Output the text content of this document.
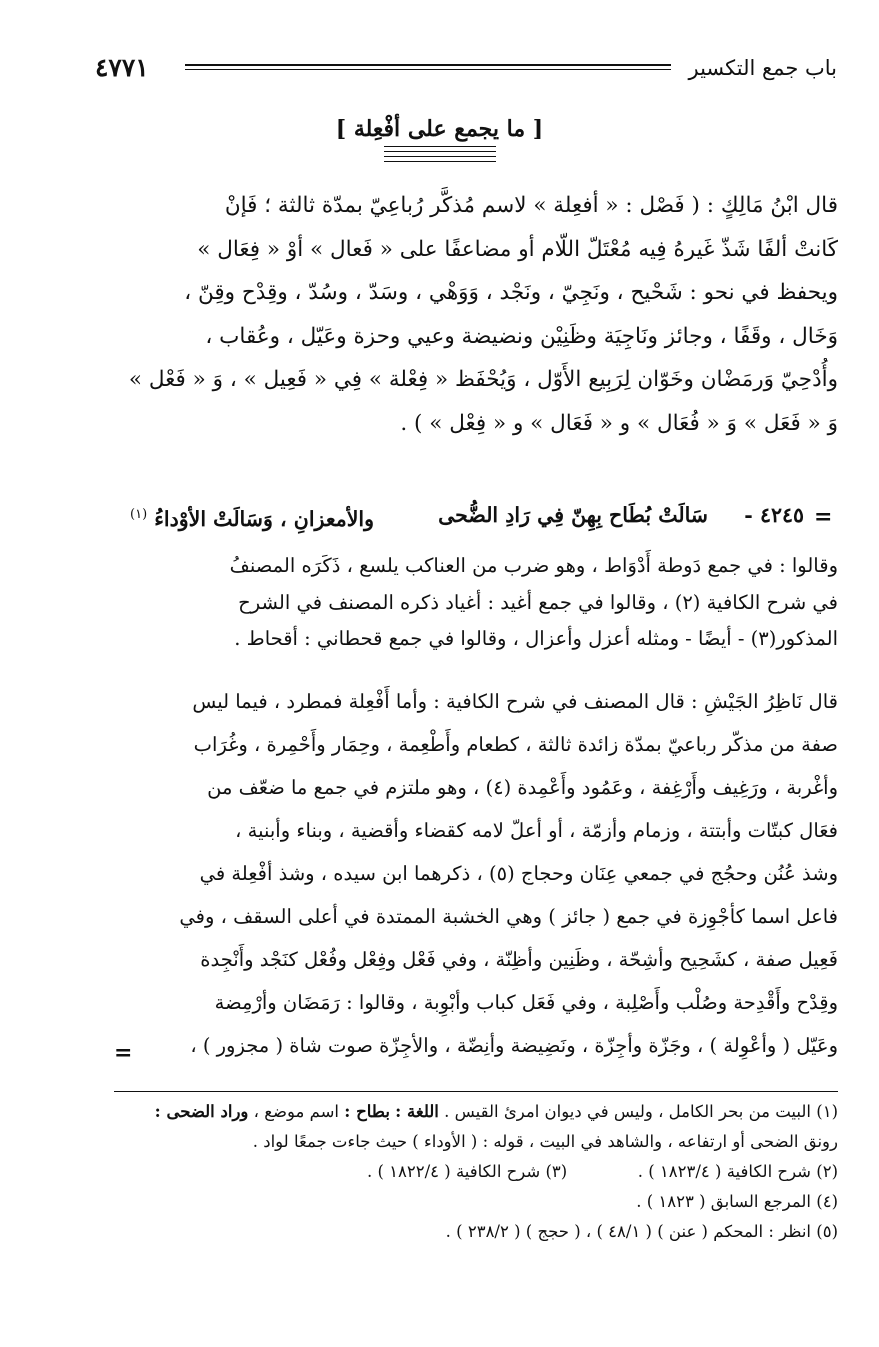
٤٧٧١	باب جمع التكسير
[ ما يجمع على أفْعِلة ]
قال ابْنُ مَالِكٍ : ( فَصْل : « أفعِلة » لاسم مُذكَّر رُباعِيّ بمدّة ثالثة ؛ فَإنْ
كَانتْ ألفًا شَذّ غَيرهُ فِيه مُعْتَلّ اللّام أو مضاعفًا على « فَعال » أوْ « فِعَال »
ويحفظ في نحو : شَحْيح ، ونَجِيّ ، ونَجْد ، وَوَهْي ، وسَدّ ، وسُدّ ، وقِدْح وقِنّ ،
وَخَال ، وقَفًا ، وجائز ونَاجِيَة وظَنِيْن ونضيضة وعيي وحزة وعَيّل ، وعُقاب ،
وأُدْحِيّ وَرمَضْان وخَوّان لِرَبِيع الأَوّل ، وَيُحْفَظ « فِعْلة » فِي « فَعِيل » ، وَ « فَعْل »
وَ « فَعَل » وَ « فُعَال » و « فَعَال » و « فِعْل » ) .
=
٤٢٤٥ -
سَالَتْ بُطَاح بِهِنّ فِي رَادِ الضُّحى
والأمعزانِ ، وَسَالَتْ الأوْداءُ $^{(١)}$
وقالوا : في جمع دَوطة أَدْوَاط ، وهو ضرب من العناكب يلسع ، ذَكَرَه المصنفُ
في شرح الكافية (٢) ، وقالوا في جمع أغيد : أغياد ذكره المصنف في الشرح
المذكور(٣) - أيضًا - ومثله أعزل وأعزال ، وقالوا في جمع قحطاني : أقحاط .
قال نَاظِرُ الجَيْشِ : قال المصنف في شرح الكافية : وأما أَفْعِلة فمطرد ، فيما ليس
صفة من مذكّر رباعيّ بمدّة زائدة ثالثة ، كطعام وأَطْعِمة ، وحِمَار وأَحْمِرة ، وغُرَاب
وأغْربة ، ورَغِيف وأَرْغِفة ، وعَمُود وأَعْمِدة (٤) ، وهو ملتزم في جمع ما ضعّف من
فعَال كبتّات وأبتتة ، وزمام وأزمّة ، أو أعلّ لامه كقضاء وأقضية ، وبناء وأبنية ،
وشذ عُنُن وحجُج في جمعي عِنَان وحجاج (٥) ، ذكرهما ابن سيده ، وشذ أفْعِلة في
فاعل اسما كأجْوِزة في جمع ( جائز ) وهي الخشبة الممتدة في أعلى السقف ، وفي
فَعِيل صفة ، كشَحِيح وأشِحّة ، وظَنِين وأظِنّة ، وفي فَعْل وفِعْل وفُعْل كنَجْد وأَنْجِدة
وقِدْح وأَقْدِحة وصُلْب وأَصْلِبة ، وفي فَعَل كباب وأبْوِبة ، وقالوا : رَمَضَان وأرْمِضة
وعَيّل ( وأعْوِلة ) ، وجَزّة وأجِزّة ، ونَضِيضة وأنِضّة ، والأجِزّة صوت شاة ( مجزور ) ،
=
(١) البيت من بحر الكامل ، وليس في ديوان امرئ القيس . اللغة : بطاح : اسم موضع ، وراد الضحى :
رونق الضحى أو ارتفاعه ، والشاهد في البيت ، قوله : ( الأوداء ) حيث جاءت جمعًا لواد .
(٢) شرح الكافية ( ١٨٢٣/٤ ) .  (٣) شرح الكافية ( ١٨٢٢/٤ ) .
(٤) المرجع السابق ( ١٨٢٣ ) .
(٥) انظر : المحكم ( عنن ) ( ٤٨/١ ) ، ( حجج ) ( ٢٣٨/٢ ) .
